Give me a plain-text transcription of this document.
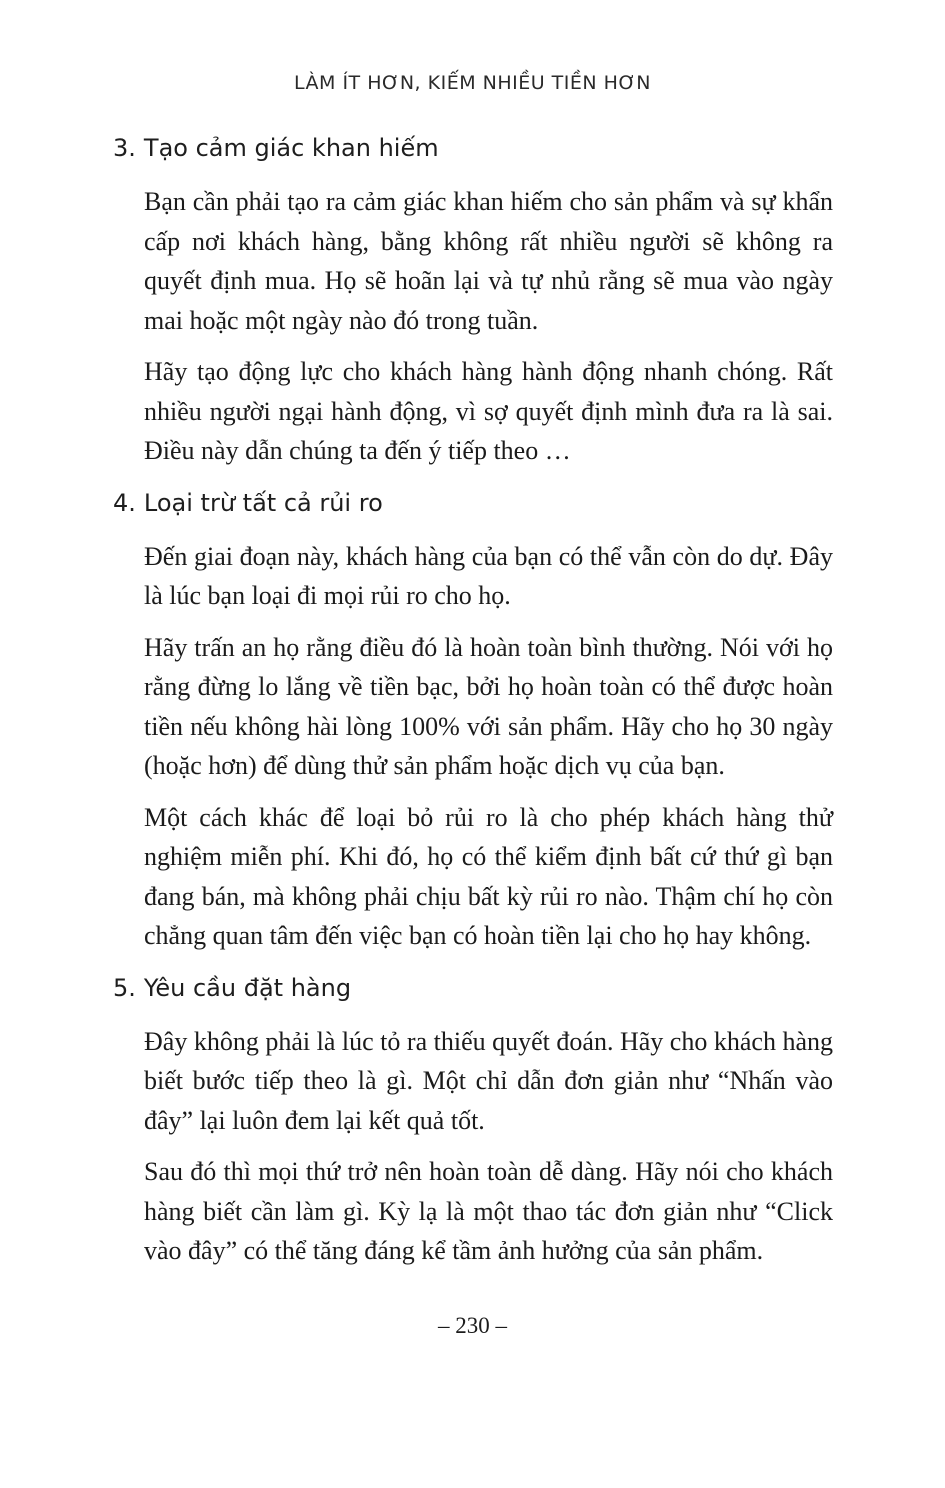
LÀM ÍT HƠN, KIẾM NHIỀU TIỀN HƠN
3. Tạo cảm giác khan hiếm

Bạn cần phải tạo ra cảm giác khan hiếm cho sản phẩm và sự khẩn cấp nơi khách hàng, bằng không rất nhiều người sẽ không ra quyết định mua. Họ sẽ hoãn lại và tự nhủ rằng sẽ mua vào ngày mai hoặc một ngày nào đó trong tuần.

Hãy tạo động lực cho khách hàng hành động nhanh chóng. Rất nhiều người ngại hành động, vì sợ quyết định mình đưa ra là sai. Điều này dẫn chúng ta đến ý tiếp theo …

4. Loại trừ tất cả rủi ro

Đến giai đoạn này, khách hàng của bạn có thể vẫn còn do dự. Đây là lúc bạn loại đi mọi rủi ro cho họ.

Hãy trấn an họ rằng điều đó là hoàn toàn bình thường. Nói với họ rằng đừng lo lắng về tiền bạc, bởi họ hoàn toàn có thể được hoàn tiền nếu không hài lòng 100% với sản phẩm. Hãy cho họ 30 ngày (hoặc hơn) để dùng thử sản phẩm hoặc dịch vụ của bạn.

Một cách khác để loại bỏ rủi ro là cho phép khách hàng thử nghiệm miễn phí. Khi đó, họ có thể kiểm định bất cứ thứ gì bạn đang bán, mà không phải chịu bất kỳ rủi ro nào. Thậm chí họ còn chẳng quan tâm đến việc bạn có hoàn tiền lại cho họ hay không.

5. Yêu cầu đặt hàng

Đây không phải là lúc tỏ ra thiếu quyết đoán. Hãy cho khách hàng biết bước tiếp theo là gì. Một chỉ dẫn đơn giản như “Nhấn vào đây” lại luôn đem lại kết quả tốt.

Sau đó thì mọi thứ trở nên hoàn toàn dễ dàng. Hãy nói cho khách hàng biết cần làm gì. Kỳ lạ là một thao tác đơn giản như “Click vào đây” có thể tăng đáng kể tầm ảnh hưởng của sản phẩm.

– 230 –
